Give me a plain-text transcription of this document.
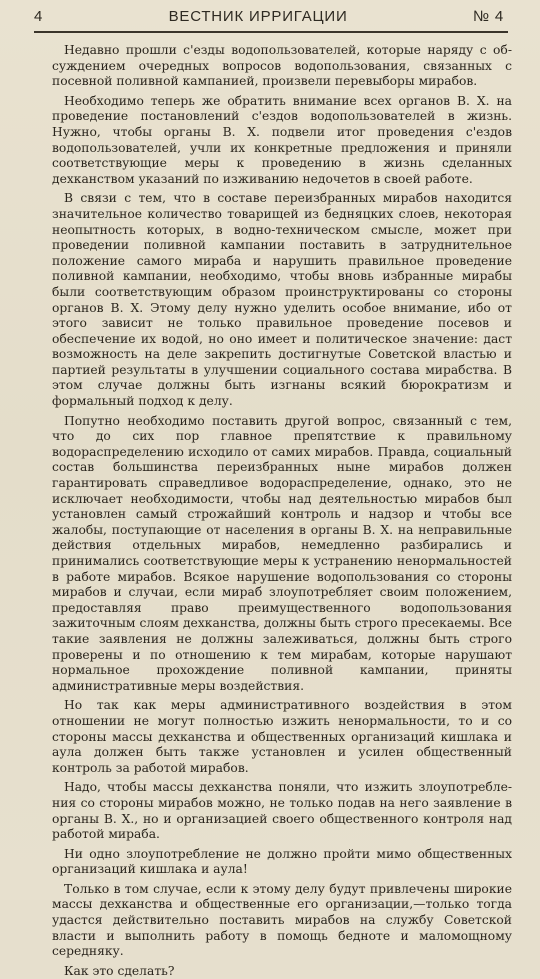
4	ВЕСТНИК ИРРИГАЦИИ	№ 4

Недавно прошли с'езды водопользователей, которые наряду с обсуждением очередных вопросов водопользования, связанных с посевной поливной кампанией, произвели перевыборы мирабов.

Необходимо теперь же обратить внимание всех органов В. Х. на проведение постановлений с'ездов водопользователей в жизнь. Нужно, чтобы органы В. Х. подвели итог проведения с'ездов водопользователей, учли их конкретные предложения и приняли соответствующие меры к проведению в жизнь сделанных дехканством указаний по изживанию недочетов в своей работе.

В связи с тем, что в составе переизбранных мирабов находится значительное количество товарищей из бедняцких слоев, некоторая неопытность которых, в водно-техническом смысле, может при проведении поливной кампании поставить в затруднительное положение самого мираба и нарушить правильное проведение поливной кампании, необходимо, чтобы вновь избранные мирабы были соответствующим образом проинструктированы со стороны органов В. Х. Этому делу нужно уделить особое внимание, ибо от этого зависит не только правильное проведение посевов и обеспечение их водой, но оно имеет и политическое значение: даст возможность на деле закрепить достигнутые Советской властью и партией результаты в улучшении социального состава мирабства. В этом случае должны быть изгнаны всякий бюрократизм и формальный подход к делу.

Попутно необходимо поставить другой вопрос, связанный с тем, что до сих пор главное препятствие к правильному водораспределению исходило от самих мирабов. Правда, социальный состав большинства переизбранных ныне мирабов должен гарантировать справедливое водораспределение, однако, это не исключает необходимости, чтобы над деятельностью мирабов был установлен самый строжайший контроль и надзор и чтобы все жалобы, поступающие от населения в органы В. Х. на неправильные действия отдельных мирабов, немедленно разбирались и принимались соответствующие меры к устранению ненормальностей в работе мирабов. Всякое нарушение водопользования со стороны мирабов и случаи, если мираб злоупотребляет своим положением, предоставляя право преимущественного водопользования зажиточным слоям дехканства, должны быть строго пресекаемы. Все такие заявления не должны залеживаться, должны быть строго проверены и по отношению к тем мирабам, которые нарушают нормальное прохождение поливной кампании, приняты административные меры воздействия.

Но так как меры административного воздействия в этом отношении не могут полностью изжить ненормальности, то и со стороны массы дехканства и общественных организаций кишлака и аула должен быть также установлен и усилен общественный контроль за работой мирабов.

Надо, чтобы массы дехканства поняли, что изжить злоупотребления со стороны мирабов можно, не только подав на него заявление в органы В. Х., но и организацией своего общественного контроля над работой мираба.

Ни одно злоупотребление не должно пройти мимо общественных организаций кишлака и аула!

Только в том случае, если к этому делу будут привлечены широкие массы дехканства и общественные его организации,—только тогда удастся действительно поставить мирабов на службу Советской власти и выполнить работу в помощь бедноте и маломощному середняку.

Как это сделать?
